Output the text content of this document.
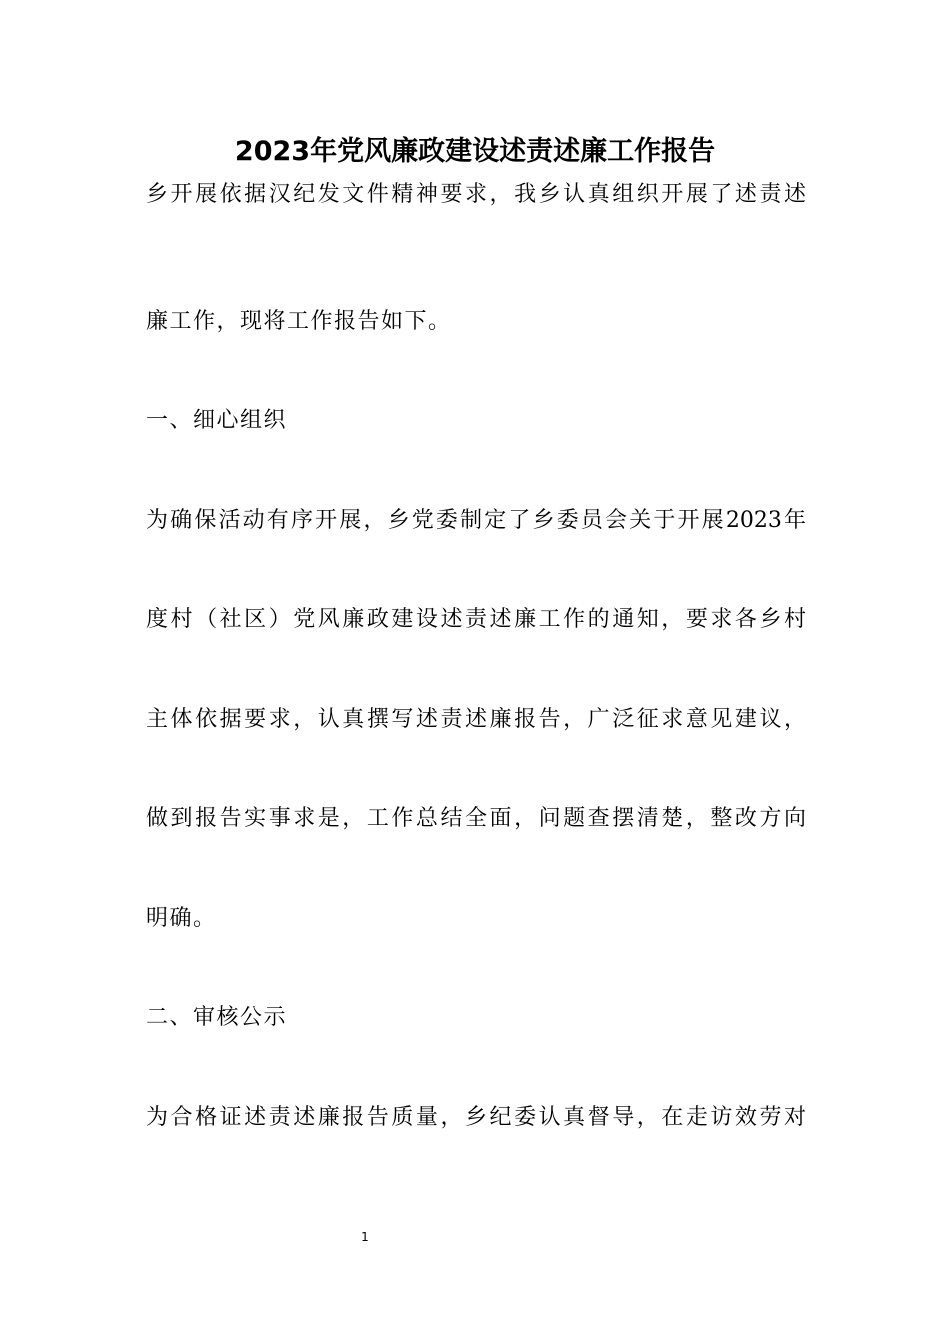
2023年党风廉政建设述责述廉工作报告
乡开展依据汉纪发文件精神要求，我乡认真组织开展了述责述
廉工作，现将工作报告如下。
一、细心组织
为确保活动有序开展，乡党委制定了乡委员会关于开展2023年
度村（社区）党风廉政建设述责述廉工作的通知，要求各乡村
主体依据要求，认真撰写述责述廉报告，广泛征求意见建议，
做到报告实事求是，工作总结全面，问题查摆清楚，整改方向
明确。
二、审核公示
为合格证述责述廉报告质量，乡纪委认真督导，在走访效劳对
1
